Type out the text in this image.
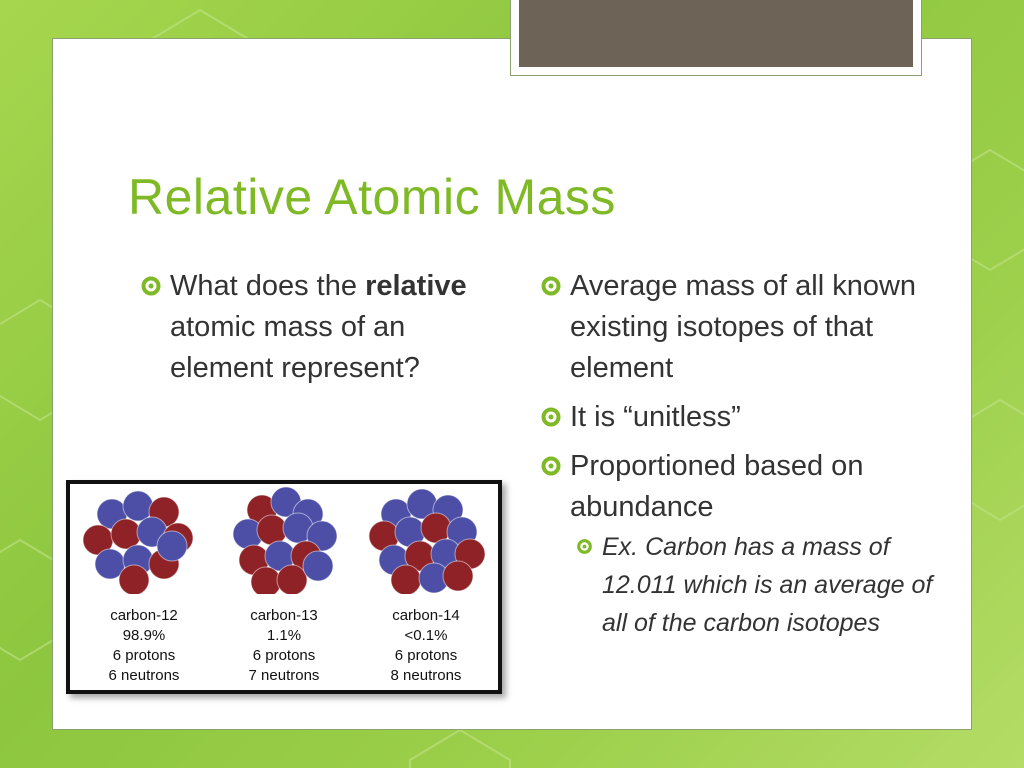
Relative Atomic Mass
What does the relative atomic mass of an element represent?
Average mass of all known existing isotopes of that element
It is “unitless”
Proportioned based on abundance
Ex. Carbon has a mass of 12.011 which is an average of all of the carbon isotopes
carbon-12
98.9%
6 protons
6 neutrons
carbon-13
1.1%
6 protons
7 neutrons
carbon-14
<0.1%
6 protons
8 neutrons
